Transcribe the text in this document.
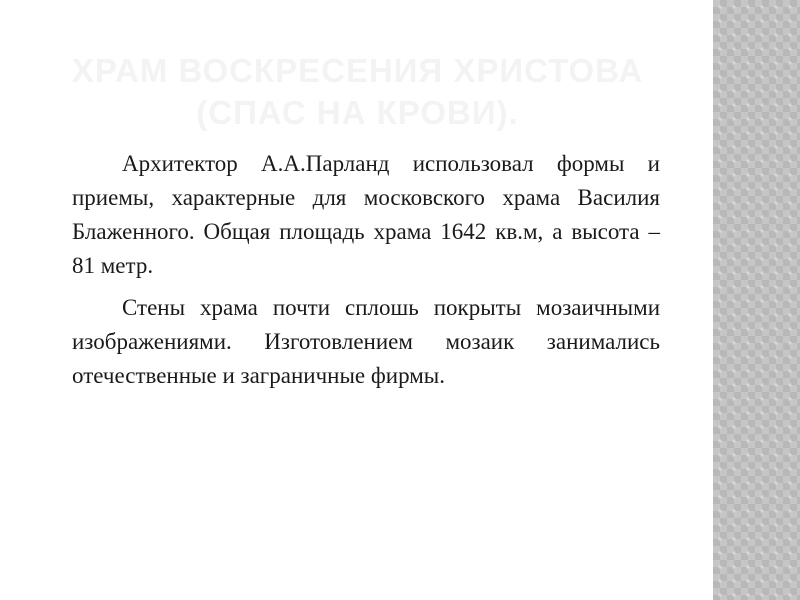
ХРАМ ВОСКРЕСЕНИЯ ХРИСТОВА
(СПАС НА КРОВИ).

Архитектор А.А.Парланд использовал формы и приемы, характерные для московского храма Василия Блаженного. Общая площадь храма 1642 кв.м, а высота – 81 метр.

Стены храма почти сплошь покрыты мозаичными изображениями. Изготовлением мозаик занимались отечественные и заграничные фирмы.
